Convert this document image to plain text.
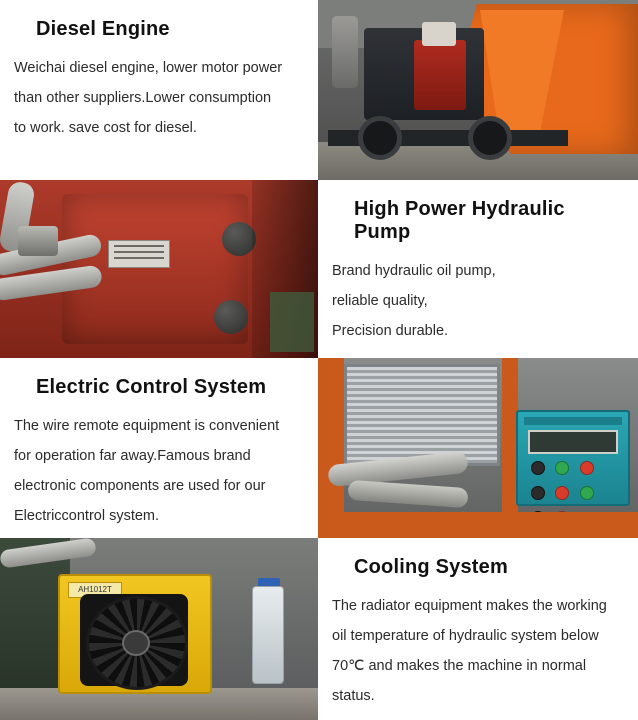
Diesel Engine

Weichai diesel engine, lower motor power
than other suppliers.Lower consumption
to work. save cost for diesel.

High Power Hydraulic Pump

Brand hydraulic oil pump,
reliable quality,
Precision durable.

Electric Control System

The wire remote equipment is convenient
for operation far away.Famous brand
electronic components are used for our
Electriccontrol system.

AH1012T
Cooling System

The radiator equipment makes the working
oil temperature of hydraulic system below
70℃ and makes the machine in normal
status.
